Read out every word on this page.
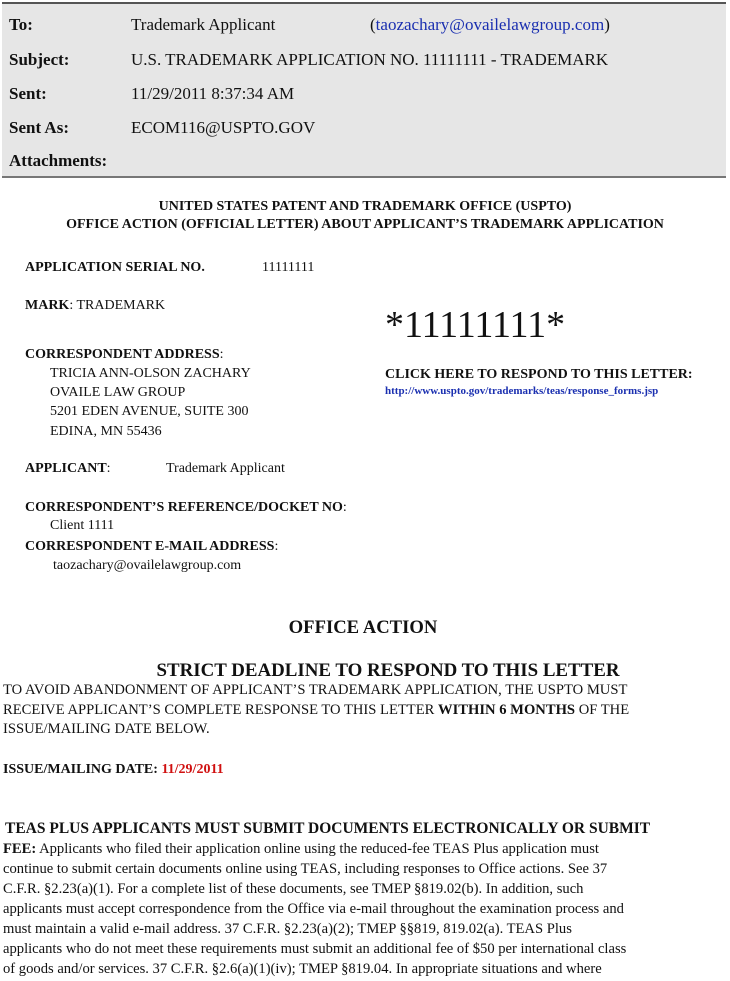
To:	Trademark Applicant	(taozachary@ovailelawgroup.com)
Subject:	U.S. TRADEMARK APPLICATION NO. 11111111 - TRADEMARK
Sent:	11/29/2011 8:37:34 AM
Sent As:	ECOM116@USPTO.GOV
Attachments:
UNITED STATES PATENT AND TRADEMARK OFFICE (USPTO)
OFFICE ACTION (OFFICIAL LETTER) ABOUT APPLICANT’S TRADEMARK APPLICATION
APPLICATION SERIAL NO.	11111111
MARK: TRADEMARK	*11111111*
CORRESPONDENT ADDRESS:
TRICIA ANN-OLSON ZACHARY
OVAILE LAW GROUP
5201 EDEN AVENUE, SUITE 300
EDINA, MN 55436
CLICK HERE TO RESPOND TO THIS LETTER:
http://www.uspto.gov/trademarks/teas/response_forms.jsp
APPLICANT:	Trademark Applicant
CORRESPONDENT’S REFERENCE/DOCKET NO:
Client 1111
CORRESPONDENT E-MAIL ADDRESS:
taozachary@ovailelawgroup.com
OFFICE ACTION
STRICT DEADLINE TO RESPOND TO THIS LETTER
TO AVOID ABANDONMENT OF APPLICANT’S TRADEMARK APPLICATION, THE USPTO MUST
RECEIVE APPLICANT’S COMPLETE RESPONSE TO THIS LETTER WITHIN 6 MONTHS OF THE
ISSUE/MAILING DATE BELOW.
ISSUE/MAILING DATE: 11/29/2011
TEAS PLUS APPLICANTS MUST SUBMIT DOCUMENTS ELECTRONICALLY OR SUBMIT
FEE: Applicants who filed their application online using the reduced-fee TEAS Plus application must
continue to submit certain documents online using TEAS, including responses to Office actions. See 37
C.F.R. §2.23(a)(1). For a complete list of these documents, see TMEP §819.02(b). In addition, such
applicants must accept correspondence from the Office via e-mail throughout the examination process and
must maintain a valid e-mail address. 37 C.F.R. §2.23(a)(2); TMEP §§819, 819.02(a). TEAS Plus
applicants who do not meet these requirements must submit an additional fee of $50 per international class
of goods and/or services. 37 C.F.R. §2.6(a)(1)(iv); TMEP §819.04. In appropriate situations and where
